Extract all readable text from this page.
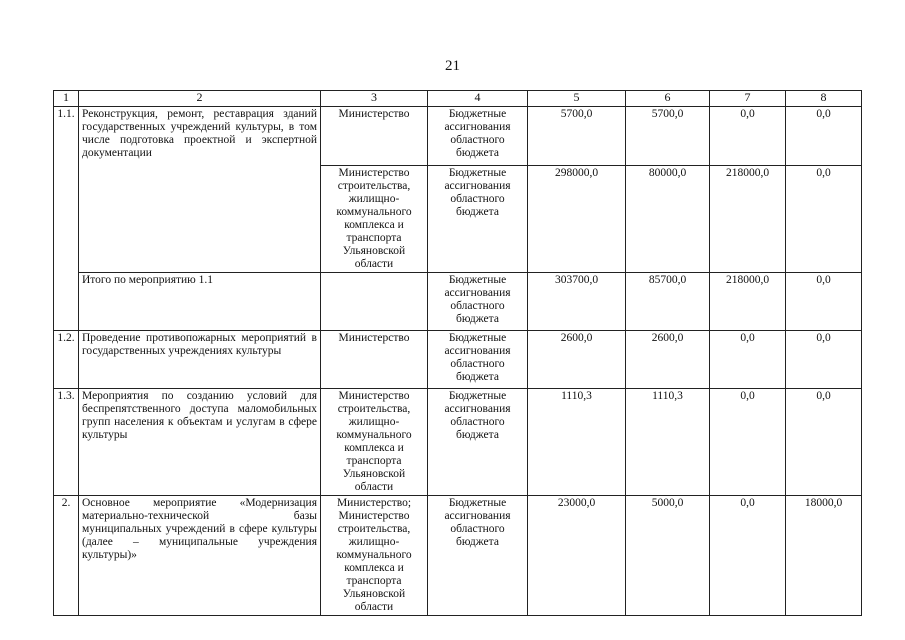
21
1	2	3	4	5	6	7	8
1.1.	Реконструкция, ремонт, реставрация зданий государственных учреждений культуры, в том числе подготовка проектной и экспертной документации	Министерство	Бюджетные ассигнования областного бюджета	5700,0	5700,0	0,0	0,0
		Министерство строительства, жилищно-коммунального комплекса и транспорта Ульяновской области	Бюджетные ассигнования областного бюджета	298000,0	80000,0	218000,0	0,0
	Итого по мероприятию 1.1		Бюджетные ассигнования областного бюджета	303700,0	85700,0	218000,0	0,0
1.2.	Проведение противопожарных мероприятий в государственных учреждениях культуры	Министерство	Бюджетные ассигнования областного бюджета	2600,0	2600,0	0,0	0,0
1.3.	Мероприятия по созданию условий для беспрепятственного доступа маломобильных групп населения к объектам и услугам в сфере культуры	Министерство строительства, жилищно-коммунального комплекса и транспорта Ульяновской области	Бюджетные ассигнования областного бюджета	1110,3	1110,3	0,0	0,0
2.	Основное мероприятие «Модернизация материально-технической базы муниципальных учреждений в сфере культуры (далее – муниципальные учреждения культуры)»	Министерство; Министерство строительства, жилищно-коммунального комплекса и транспорта Ульяновской области	Бюджетные ассигнования областного бюджета	23000,0	5000,0	0,0	18000,0
